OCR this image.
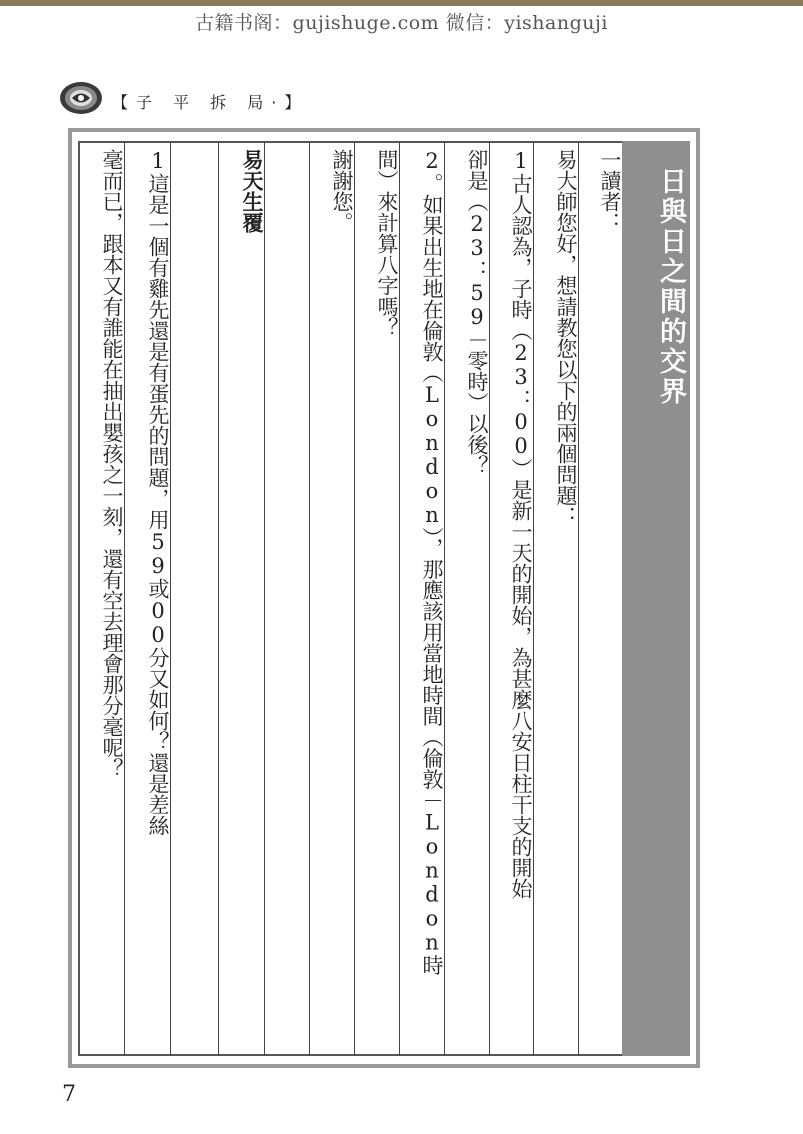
古籍书阁：gujishuge.com 微信：yishanguji
【子 平 拆 局·】
日與日之間的交界
一讀者：
易大師您好，想請教您以下的兩個問題：
1古人認為，子時（23：00）是新一天的開始，為甚麼八安日柱干支的開始
卻是（23：59－零時）以後？
2。如果出生地在倫敦（London），那應該用當地時間（倫敦－London時
間）來計算八字嗎？
謝謝您。
易天生覆
1這是一個有雞先還是有蛋先的問題，用59或00分又如何？還是差絲
毫而已，跟本又有誰能在抽出嬰孩之一刻，還有空去理會那分毫呢？
7
